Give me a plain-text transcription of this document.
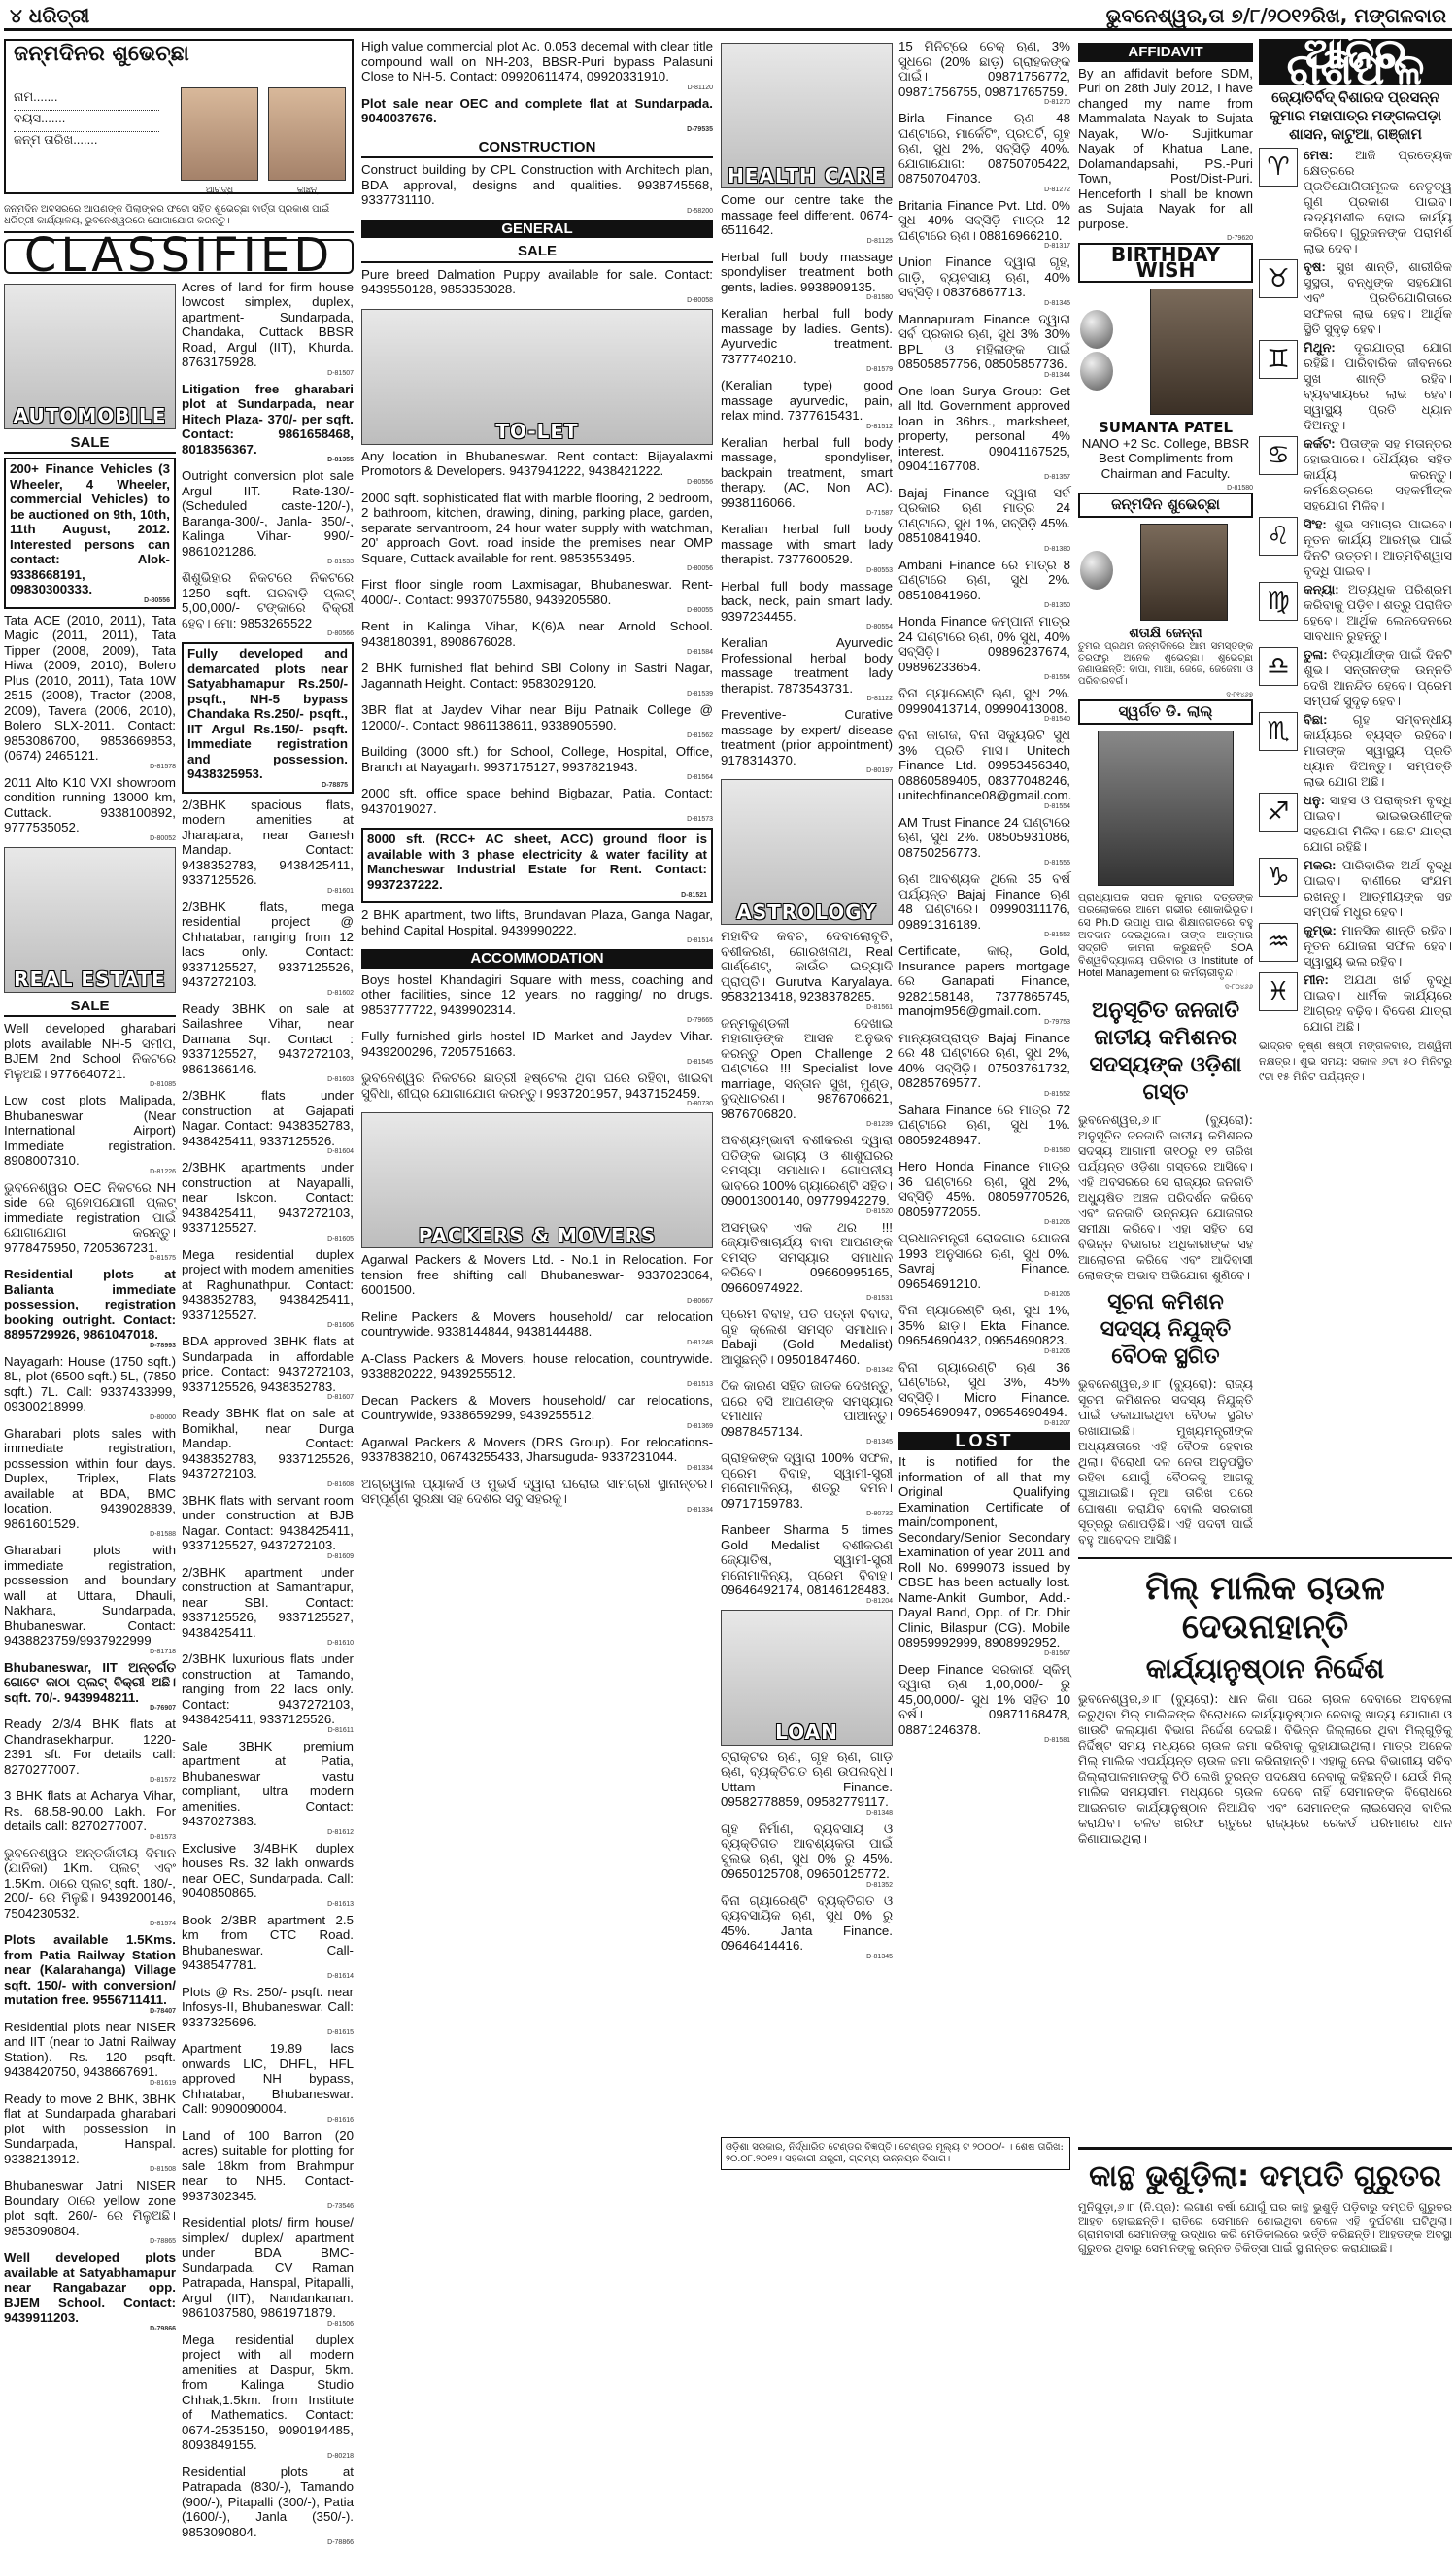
୪ ଧରିତ୍ରୀ	ଭୁବନେଶ୍ୱର,ତା ୭/୮/୨୦୧୨ରିଖ, ମଙ୍ଗଳବାର
ଜନ୍ମଦିନର ଶୁଭେଚ୍ଛା
ନାମ.......
ବୟସ.......
ଜନ୍ମ ତାରିଖ.......
ଆରାଦ୍ଧ	କାଞ୍ଚନ୍
ଜନ୍ମଦିନ ଅବସରରେ ଆପଣଙ୍କ ପିଲାଙ୍କର ଫଟୋ ସହିତ ଶୁଭେଚ୍ଛା ବାର୍ତ୍ତା ପ୍ରକାଶ ପାଇଁ ଧରିତ୍ରୀ କାର୍ଯ୍ୟାଳୟ, ଭୁବନେଶ୍ୱରରେ ଯୋଗାଯୋଗ କରନ୍ତୁ।
CLASSIFIED
AUTOMOBILE
SALE

200+ Finance Vehicles (3 Wheeler, 4 Wheeler, commercial Vehicles) to be auctioned on 9th, 10th, 11th August, 2012. Interested persons can contact: Alok-9338668191, 09830300333.
D-80556

Tata ACE (2010, 2011), Tata Magic (2011, 2011), Tata Tipper (2008, 2009), Tata Hiwa (2009, 2010), Bolero Plus (2010, 2011), Tata 10W 2515 (2008), Tractor (2008, 2009), Tavera (2006, 2010), Bolero SLX-2011. Contact: 9853086700, 9853669853, (0674) 2465121.
D-81578

2011 Alto K10 VXI showroom condition running 13000 km, Cuttack. 9338100892, 9777535052.
D-80052

REAL ESTATE
SALE

Well developed gharabari plots available NH-5 ସମୀପ, BJEM 2nd School ନିକଟରେ ମିଳୁଅଛି। 9776640721.
D-81085

Low cost plots Malipada, Bhubaneswar (Near International Airport) Immediate registration. 8908007310.
D-81226

ଭୁବନେଶ୍ୱର OEC ନିକଟରେ NH side ରେ ଗୃହୋପଯୋଗୀ ପ୍ଲଟ୍ immediate registration ପାଇଁ ଯୋଗାଯୋଗ କରନ୍ତୁ। 9778475950, 7205367231.
D-81575

Residential plots at Balianta immediate possession, registration booking outright. Contact: 8895729926, 9861047018.
D-78993

Nayagarh: House (1750 sqft.) 8L, plot (6500 sqft.) 5L, (7850 sqft.) 7L. Call: 9337433999, 09300218999.
D-80000

Gharabari plots sales with immediate registration, possession within four days. Duplex, Triplex, Flats available at BDA, BMC location. 9439028839, 9861601529.
D-81588

Gharabari plots with immediate registration, possession and boundary wall at Uttara, Dhauli, Nakhara, Sundarpada, Bhubaneswar. Contact: 9438823759/9937922999
D-81718

Bhubaneswar, IIT ଅନ୍ତର୍ଗତ ଗୋଟେ କାଠା ପ୍ଲଟ୍ ବିକ୍ରୀ ଅଛି। sqft. 70/-. 9439948211.
D-76907

Ready 2/3/4 BHK flats at Chandrasekharpur. 1220-2391 sft. For details call: 8270277007.
D-81572

3 BHK flats at Acharya Vihar, Rs. 68.58-90.00 Lakh. For details call: 8270277007.
D-81573

ଭୁବନେଶ୍ୱର ଅନ୍ତର୍ଜାତୀୟ ବିମାନ (ଯାନିକା) 1Km. ପ୍ଲଟ୍ ଏବଂ 1.5Km. ଠାରେ ପ୍ଲଟ୍ sqft. 180/-, 200/- ରେ ମିଳୁଛି। 9439200146, 7504230532.
D-81574

Plots available 1.5Kms. from Patia Railway Station near (Kalarahanga) Village sqft. 150/- with conversion/ mutation free. 9556711411.
D-78407

Residential plots near NISER and IIT (near to Jatni Railway Station). Rs. 120 psqft. 9438420750, 9438667691.
D-81619

Ready to move 2 BHK, 3BHK flat at Sundarpada gharabari plot with possession in Sundarpada, Hanspal. 9338213912.
D-81508

Bhubaneswar Jatni NISER Boundary ଠାରେ yellow zone plot sqft. 260/- ରେ ମିଳୁଅଛି। 9853090804.
D-78865

Well developed plots available at Satyabhamapur near Rangabazar opp. BJEM School. Contact: 9439911203.
D-79866

Acres of land for firm house lowcost simplex, duplex, apartment- Sundarpada, Chandaka, Cuttack BBSR Road, Argul (IIT), Khurda. 8763175928.
D-81507

Litigation free gharabari plot at Sundarpada, near Hitech Plaza- 370/- per sqft. Contact: 9861658468, 8018356367.
D-81355

Outright conversion plot sale Argul IIT. Rate-130/- (Scheduled caste-120/-), Baranga-300/-, Janla- 350/-, Kalinga Vihar- 990/- 9861021286.
D-81533

ଶିଶୁଭିହାର ନିକଟରେ ନିକଟରେ 1250 sqft. ଘରବାଡ଼ି ପ୍ଲଟ୍ 5,00,000/- ଟଙ୍କାରେ ବିକ୍ରୀ ହେବ। ମୋ: 9853265522
D-80566

Fully developed and demarcated plots near Satyabhamapur Rs.250/- psqft., NH-5 bypass Chandaka Rs.250/- psqft., IIT Argul Rs.150/- psqft. Immediate registration and possession. 9438325953.
D-78875

2/3BHK spacious flats, modern amenities at Jharapara, near Ganesh Mandap. Contact: 9438352783, 9438425411, 9337125526.
D-81601

2/3BHK flats, mega residential project @ Chhatabar, ranging from 12 lacs only. Contact: 9337125527, 9337125526, 9437272103.
D-81602

Ready 3BHK on sale at Sailashree Vihar, near Damana Sqr. Contact : 9337125527, 9437272103, 9861366146.
D-81603

2/3BHK flats under construction at Gajapati Nagar. Contact: 9438352783, 9438425411, 9337125526.
D-81604

2/3BHK apartments under construction at Nayapalli, near Iskcon. Contact: 9438425411, 9437272103, 9337125527.
D-81605

Mega residential duplex project with modern amenities at Raghunathpur. Contact: 9438352783, 9438425411, 9337125527.
D-81606

BDA approved 3BHK flats at Sundarpada in affordable price. Contact: 9437272103, 9337125526, 9438352783.
D-81607

Ready 3BHK flat on sale at Bomikhal, near Durga Mandap. Contact: 9438352783, 9337125526, 9437272103.
D-81608

3BHK flats with servant room under construction at BJB Nagar. Contact: 9438425411, 9337125527, 9437272103.
D-81609

2/3BHK apartment under construction at Samantrapur, near SBI. Contact: 9337125526, 9337125527, 9438425411.
D-81610

2/3BHK luxurious flats under construction at Tamando, ranging from 22 lacs only. Contact: 9437272103, 9438425411, 9337125526.
D-81611

Sale 3BHK premium apartment at Patia, Bhubaneswar vastu compliant, ultra modern amenities. Contact: 9437027383.
D-81612

Exclusive 3/4BHK duplex houses Rs. 32 lakh onwards near OEC, Sundarpada. Call: 9040850865.
D-81613

Book 2/3BR apartment 2.5 km from CTC Road. Bhubaneswar. Call-9438547781.
D-81614

Plots @ Rs. 250/- psqft. near Infosys-II, Bhubaneswar. Call: 9337325696.
D-81615

Apartment 19.89 lacs onwards LIC, DHFL, HFL approved NH bypass, Chhatabar, Bhubaneswar. Call: 9090090004.
D-81616

Land of 100 Barron (20 acres) suitable for plotting for sale 18km from Brahmpur near to NH5. Contact-9937302345.
D-73546

Residential plots/ firm house/ simplex/ duplex/ apartment under BDA BMC- Sundarpada, CV Raman Patrapada, Hanspal, Pitapalli, Argul (IIT), Nandankanan. 9861037580, 9861971879.
D-81506

Mega residential duplex project with all modern amenities at Daspur, 5km. from Kalinga Studio Chhak,1.5km. from Institute of Mathematics. Contact: 0674-2535150, 9090194485, 8093849155.
D-80218

Residential plots at Patrapada (830/-), Tamando (900/-), Pitapalli (300/-), Patia (1600/-), Janla (350/-). 9853090804.
D-78866

High value commercial plot Ac. 0.053 decemal with clear title compound wall on NH-203, BBSR-Puri bypass Palasuni Close to NH-5. Contact: 09920611474, 09920331910.
D-81120

Plot sale near OEC and complete flat at Sundarpada. 9040037676.
D-79535

CONSTRUCTION

Construct building by CPL Construction with Architech plan, BDA approval, designs and qualities. 9938745568, 9337731110.
D-58200

GENERAL
SALE

Pure breed Dalmation Puppy available for sale. Contact: 9439550128, 9853353028.
D-80058

TO-LET

Any location in Bhubaneswar. Rent contact: Bijayalaxmi Promotors & Developers. 9437941222, 9438421222.
D-80556

2000 sqft. sophisticated flat with marble flooring, 2 bedroom, 2 bathroom, kitchen, drawing, dining, parking place, garden, separate servantroom, 24 hour water supply with watchman, 20' approach Govt. road inside the premises near OMP Square, Cuttack available for rent. 9853553495.
D-80056

First floor single room Laxmisagar, Bhubaneswar. Rent- 4000/-. Contact: 9937075580, 9439205580.
D-80055

Rent in Kalinga Vihar, K(6)A near Arnold School. 9438180391, 8908676028.
D-81584

2 BHK furnished flat behind SBI Colony in Sastri Nagar, Jagannath Height. Contact: 9583029120.
D-81539

3BR flat at Jaydev Vihar near Biju Patnaik College @ 12000/-. Contact: 9861138611, 9338905590.
D-81562

Building (3000 sft.) for School, College, Hospital, Office, Branch at Nayagarh. 9937175127, 9937821943.
D-81564

2000 sft. office space behind Bigbazar, Patia. Contact: 9437019027.
D-81573

8000 sft. (RCC+ AC sheet, ACC) ground floor is available with 3 phase electricity & water facility at Mancheswar Industrial Estate for Rent. Contact: 9937237222.
D-81521

2 BHK apartment, two lifts, Brundavan Plaza, Ganga Nagar, behind Capital Hospital. 9439990222.
D-81514

ACCOMMODATION

Boys hostel Khandagiri Square with mess, coaching and other facilities, since 12 years, no ragging/ no drugs. 9853777722, 9439902314.
D-79665

Fully furnished girls hostel ID Market and Jaydev Vihar. 9439200296, 7205751663.
D-81545

ଭୁବନେଶ୍ୱର ନିକଟରେ ଛାତ୍ରୀ ହଷ୍ଟେଲ ଥିବା ଘରେ ରହିବା, ଖାଇବା ସୁବିଧା, ଶୀଘ୍ର ଯୋଗାଯୋଗ କରନ୍ତୁ। 9937201957, 9437152459.
D-80730

PACKERS & MOVERS

Agarwal Packers & Movers Ltd. - No.1 in Relocation. For tension free shifting call Bhubaneswar- 9337023064, 6001500.
D-80667

Reline Packers & Movers household/ car relocation countrywide. 9338144844, 9438144488.
D-81248

A-Class Packers & Movers, house relocation, countrywide. 9338820222, 9439255512.
D-81513

Decan Packers & Movers household/ car relocations, Countrywide, 9338659299, 9439255512.
D-81369

Agarwal Packers & Movers (DRS Group). For relocations-9337838210, 06743255433, Jharsuguda- 9337231044.
D-81334

ଅଗ୍ରୱାଲ ପ୍ୟାକର୍ସ ଓ ମୁଭର୍ସ ଦ୍ୱାରା ଘରୋଇ ସାମଗ୍ରୀ ସ୍ଥାନାନ୍ତର। ସମ୍ପୂର୍ଣ୍ଣ ସୁରକ୍ଷା ସହ ଦେଶର ସବୁ ସହରକୁ।
D-81334

HEALTH CARE

Come our centre take the massage feel different. 0674-6511642.
D-81125

Herbal full body massage spondyliser treatment both gents, ladies. 9938909135.
D-81580

Keralian herbal full body massage by ladies. Gents). Ayurvedic treatment. 7377740210.
D-81579

(Keralian type) good massage ayurvedic, pain, relax mind. 7377615431.
D-81512

Keralian herbal full body massage, spondyliser, backpain treatment, smart therapy. (AC, Non AC). 9938116066.
D-71587

Keralian herbal full body massage with smart lady therapist. 7377600529.
D-80553

Herbal full body massage back, neck, pain smart lady. 9397234455.
D-80554

Keralian Ayurvedic Professional herbal body massage treatment lady therapist. 7873543731.
D-81122

Preventive- Curative massage by expert/ disease treatment (prior appointment) 9178314370.
D-80197

ASTROLOGY

ମହାବିଦ କବଚ, ଦେବାଲୋବୃତି, ବଶୀକରଣ, ଗୋରଖନାଥ, Real ଗାର୍ଣ୍ଣେଟ୍, କାଉଁଚ ଇତ୍ୟାଦି ପ୍ରାପ୍ତି। Gurutva Karyalaya. 9583213418, 9238378285.
D-81561

ଜନ୍ମକୁଣ୍ଡଳୀ ଦେଖାଇ ମହାଗାଡ଼ଙ୍କ ଆସନ ଅନୁଭବ କରନ୍ତୁ Open Challenge 2 ଘଣ୍ଟାରେ !!! Specialist love marriage, ସନ୍ତାନ ସୁଖ, ମୁଣ୍ଡ, ବୁଦ୍ଧାଚରଣ। 9876706621, 9876706820.
D-81239

ଅବଶ୍ୟମ୍ଭାବୀ ବଶୀକରଣ ଦ୍ୱାରା ପତିଙ୍କ ଭାଗ୍ୟ ଓ ଶାଶୁଘରର ସମସ୍ୟା ସମାଧାନ। ଗୋପନୀୟ ଭାବରେ 100% ଗ୍ୟାରେଣ୍ଟି ସହିତ। 09001300140, 09779942279.
D-81520

ଅସମ୍ଭବ ଏକ ଥର !!! ଜ୍ୟୋତିଷାଚାର୍ଯ୍ୟ ବାବା ଆପଣଙ୍କ ସମସ୍ତ ସମସ୍ୟାର ସମାଧାନ କରିବେ। 09660995165, 09660974922.
D-81531

ପ୍ରେମ ବିବାହ, ପତି ପତ୍ନୀ ବିବାଦ, ଗୃହ କ୍ଲେଶ ସମସ୍ତ ସମାଧାନ। Babaji (Gold Medalist) ଆସୁଛନ୍ତି। 09501847460.
D-81342

ଠିକ କାରଣ ସହିତ ଜାତକ ଦେଖନ୍ତୁ, ଘରେ ବସି ଆପଣଙ୍କ ସମସ୍ୟାର ସମାଧାନ ପାଆନ୍ତୁ। 09878457134.
D-81345

ଗ୍ରାହକଙ୍କ ଦ୍ୱାରା 100% ସଫଳ, ପ୍ରେମ ବିବାହ, ସ୍ୱାମୀ-ସ୍ତ୍ରୀ ମନୋମାଳିନ୍ୟ, ଶତ୍ରୁ ଦମନ। 09717159783.
D-80732

Ranbeer Sharma 5 times Gold Medalist ବଶୀକରଣ ଜ୍ୟୋତିଷ, ସ୍ୱାମୀ-ସ୍ତ୍ରୀ ମନୋମାଳିନ୍ୟ, ପ୍ରେମ ବିବାହ। 09646492174, 08146128483.
D-81204

LOAN

ଟ୍ରାକ୍ଟର ଋଣ, ଗୃହ ଋଣ, ଗାଡ଼ି ଋଣ, ବ୍ୟକ୍ତିଗତ ଋଣ ଉପଲବ୍ଧ। Uttam Finance. 09582778859, 09582779117.
D-81348

ଗୃହ ନିର୍ମାଣ, ବ୍ୟବସାୟ ଓ ବ୍ୟକ୍ତିଗତ ଆବଶ୍ୟକତା ପାଇଁ ସୁଲଭ ଋଣ, ସୁଧ 0% ରୁ 45%. 09650125708, 09650125772.
D-81352

ବିନା ଗ୍ୟାରେଣ୍ଟି ବ୍ୟକ୍ତିଗତ ଓ ବ୍ୟବସାୟିକ ଋଣ, ସୁଧ 0% ରୁ 45%. Janta Finance. 09646414416.
D-81345

15 ମିନିଟ୍‌ରେ ଚେକ୍ ଋଣ, 3% ସୁଧରେ (20% ଛାଡ଼) ଗ୍ରାହକଙ୍କ ପାଇଁ। 09871756772, 09871756755, 09871765759.
D-81270

Birla Finance ଋଣ 48 ଘଣ୍ଟାରେ, ମାର୍କେଟିଂ, ପ୍ରପର୍ଟି, ଗୃହ ଋଣ, ସୁଧ 2%, ସବ୍‌ସିଡ଼ି 40%. ଯୋଗାଯୋଗ: 08750705422, 08750704703.
D-81272

Britania Finance Pvt. Ltd. 0% ସୁଧ 40% ସବ୍‌ସିଡ଼ି ମାତ୍ର 12 ଘଣ୍ଟାରେ ଋଣ। 08816966210.
D-81317

Union Finance ଦ୍ୱାରା ଗୃହ, ଗାଡ଼ି, ବ୍ୟବସାୟ ଋଣ, 40% ସବ୍‌ସିଡ଼ି। 08376867713.
D-81345

Mannapuram Finance ଦ୍ୱାରା ସର୍ବ ପ୍ରକାର ଋଣ, ସୁଧ 3% 30% BPL ଓ ମହିଳାଙ୍କ ପାଇଁ 08505857756, 08505857736.
D-81344

One loan Surya Group: Get all ltd. Government approved loan in 36hrs., marksheet, property, personal 4% interest. 09041167525, 09041167708.
D-81357

Bajaj Finance ଦ୍ୱାରା ସର୍ବ ପ୍ରକାର ଋଣ ମାତ୍ର 24 ଘଣ୍ଟାରେ, ସୁଧ 1%, ସବ୍‌ସିଡ଼ି 45%. 08510841940.
D-81380

Ambani Finance ରେ ମାତ୍ର 8 ଘଣ୍ଟାରେ ଋଣ, ସୁଧ 2%. 08510841960.
D-81350

Honda Finance କମ୍ପାନୀ ମାତ୍ର 24 ଘଣ୍ଟାରେ ଋଣ, 0% ସୁଧ, 40% ସବ୍‌ସିଡ଼ି। 09896237674, 09896233654.
D-81554

ବିନା ଗ୍ୟାରେଣ୍ଟି ଋଣ, ସୁଧ 2%. 09990413714, 09990413008.
D-81540

ବିନା କାଗଜ, ବିନା ସିକ୍ୟୁରିଟି ସୁଧ 3% ପ୍ରତି ମାସ। Unitech Finance Ltd. 09953456340, 08860589405, 08377048246, unitechfinance08@gmail.com.
D-81554

AM Trust Finance 24 ଘଣ୍ଟାରେ ଋଣ, ସୁଧ 2%. 08505931086, 08750256773.
D-81555

ଋଣ ଆବଶ୍ୟକ ଥିଲେ 35 ବର୍ଷ ପର୍ଯ୍ୟନ୍ତ Bajaj Finance ଋଣ 48 ଘଣ୍ଟାରେ। 09990311176, 09891316189.
D-81552

Certificate, କାର୍, Gold, Insurance papers mortgage ରେ Ganapati Finance, 9282158148, 7377865745, manojm956@gmail.com.
D-79753

ମାନ୍ୟତାପ୍ରାପ୍ତ Bajaj Finance ରେ 48 ଘଣ୍ଟାରେ ଋଣ, ସୁଧ 2%, 40% ସବ୍‌ସିଡ଼ି। 07503761732, 08285769577.
D-81552

Sahara Finance ରେ ମାତ୍ର 72 ଘଣ୍ଟାରେ ଋଣ, ସୁଧ 1%. 08059248947.
D-81580

Hero Honda Finance ମାତ୍ର 36 ଘଣ୍ଟାରେ ଋଣ, ସୁଧ 2%, ସବ୍‌ସିଡ଼ି 45%. 08059770526, 08059772055.
D-81205

ପ୍ରଧାନମନ୍ତ୍ରୀ ରୋଜଗାର ଯୋଜନା 1993 ଅନୁସାରେ ଋଣ, ସୁଧ 0%. Savraj Finance. 09654691210.
D-81205

ବିନା ଗ୍ୟାରେଣ୍ଟି ଋଣ, ସୁଧ 1%, 35% ଛାଡ଼। Ekta Finance. 09654690432, 09654690823.
D-81206

ବିନା ଗ୍ୟାରେଣ୍ଟି ଋଣ 36 ଘଣ୍ଟାରେ, ସୁଧ 3%, 45% ସବ୍‌ସିଡ଼ି। Micro Finance. 09654690947, 09654690494.
D-81207

LOST

It is notified for the information of all that my Original Qualifying Examination Certificate of main/component, Secondary/Senior Secondary Examination of year 2011 and Roll No. 6999073 issued by CBSE has been actually lost. Name-Ankit Gumbor, Add.-Dayal Band, Opp. of Dr. Dhir Clinic, Bilaspur (CG). Mobile 08959992999, 8908992952.
D-81567

Deep Finance ସରକାରୀ ସ୍କିମ୍ ଦ୍ୱାରା ଋଣ 1,00,000/- ରୁ 45,00,000/- ସୁଧ 1% ସହିତ 10 ବର୍ଷ। 09871168478, 08871246378.
D-81581

AFFIDAVIT

By an affidavit before SDM, Puri on 28th July 2012, I have changed my name from Mammalata Nayak to Sujata Nayak, W/o- Sujitkumar Nayak of Khatua Lane, Dolamandapsahi, PS.-Puri Town, Post/Dist-Puri. Henceforth I shall be known as Sujata Nayak for all purpose.

D-79620
BIRTHDAY WISH
SUMANTA PATEL

NANO +2 Sc. College, BBSR Best Compliments from Chairman and Faculty.

D-81580
ଜନ୍ମଦିନ ଶୁଭେଚ୍ଛା
ଶତାକ୍ଷି ଜେନ୍ନା

ତୁମର ପ୍ରଥମ ଜନ୍ମଦିନରେ ଆମ ସମସ୍ତଙ୍କ ତରଫରୁ ଅନେକ ଶୁଭେଚ୍ଛା। ଶୁଭେଚ୍ଛା ଜଣାଉଛନ୍ତି: ବାପା, ମାଆ, ଜେଜେ, ଜେଜେମା ଓ ପରିବାରବର୍ଗ।

ଦ-୮୧୪୬୭
ସ୍ୱର୍ଗତ ଡି. ଲାଲ୍

ପ୍ରାଧ୍ୟାପକ ସପନ କୁମାର ଦତ୍ତଙ୍କ ପରଲୋକରେ ଆମେ ଗଭୀର ଶୋକାଭିଭୂତ। ସେ Ph.D ଉପାଧି ପାଇ ଶିକ୍ଷାଜଗତରେ ବହୁ ଅବଦାନ ଦେଇଥିଲେ। ତାଙ୍କ ଆତ୍ମାର ସଦ୍‌ଗତି କାମନା କରୁଛନ୍ତି SOA ବିଶ୍ୱବିଦ୍ୟାଳୟ ପରିବାର ଓ Institute of Hotel Management ର କର୍ମଚାରୀବୃନ୍ଦ।

ଦ-୮୦୪୬୬
ଅନୁସୂଚିତ ଜନଜାତି ଜାତୀୟ କମିଶନର ସଦସ୍ୟଙ୍କ ଓଡ଼ିଶା ଗସ୍ତ

ଭୁବନେଶ୍ୱର,୬।୮ (ବ୍ୟୁରୋ): ଅନୁସୂଚିତ ଜନଜାତି ଜାତୀୟ କମିଶନର ସଦସ୍ୟ ଆଗାମୀ ତା୧୦ରୁ ୧୨ ତାରିଖ ପର୍ଯ୍ୟନ୍ତ ଓଡ଼ିଶା ଗସ୍ତରେ ଆସିବେ। ଏହି ଅବସରରେ ସେ ରାଜ୍ୟର ଜନଜାତି ଅଧ୍ୟୁଷିତ ଅଞ୍ଚଳ ପରିଦର୍ଶନ କରିବେ ଏବଂ ଜନଜାତି ଉନ୍ନୟନ ଯୋଜନାର ସମୀକ୍ଷା କରିବେ। ଏହା ସହିତ ସେ ବିଭିନ୍ନ ବିଭାଗର ଅଧିକାରୀଙ୍କ ସହ ଆଲୋଚନା କରିବେ ଏବଂ ଆଦିବାସୀ ଲୋକଙ୍କ ଅଭାବ ଅଭିଯୋଗ ଶୁଣିବେ।

ସୂଚନା କମିଶନ ସଦସ୍ୟ ନିଯୁକ୍ତି ବୈଠକ ସ୍ଥଗିତ

ଭୁବନେଶ୍ୱର,୬।୮ (ବ୍ୟୁରୋ): ରାଜ୍ୟ ସୂଚନା କମିଶନର ସଦସ୍ୟ ନିଯୁକ୍ତି ପାଇଁ ଡକାଯାଇଥିବା ବୈଠକ ସ୍ଥଗିତ ରଖାଯାଇଛି। ମୁଖ୍ୟମନ୍ତ୍ରୀଙ୍କ ଅଧ୍ୟକ୍ଷତାରେ ଏହି ବୈଠକ ହେବାର ଥିଲା। ବିରୋଧୀ ଦଳ ନେତା ଅନୁପସ୍ଥିତ ରହିବା ଯୋଗୁଁ ବୈଠକକୁ ଆଗକୁ ଘୁଞ୍ଚାଯାଇଛି। ନୂଆ ତାରିଖ ପରେ ଘୋଷଣା କରାଯିବ ବୋଲି ସରକାରୀ ସୂତ୍ରରୁ ଜଣାପଡ଼ିଛି। ଏହି ପଦବୀ ପାଇଁ ବହୁ ଆବେଦନ ଆସିଛି।

ଆଜିର ରାଶିଫଳ
ଜ୍ୟୋତିର୍ବିଦ୍ ବିଶାରଦ ପ୍ରସନ୍ନ କୁମାର ମହାପାତ୍ର ମଙ୍ଗଳପଡ଼ା ଶାସନ, କାଟୁଆ, ଗଞ୍ଜାମ
♈	ମେଷ: ଆଜି ପ୍ରତ୍ୟେକ କ୍ଷେତ୍ରରେ ପ୍ରତିଯୋଗିତାମୂଳକ ନେତୃତ୍ୱ ଗୁଣ ପ୍ରକାଶ ପାଇବ। ଉଦ୍ୟମଶୀଳ ହୋଇ କାର୍ଯ୍ୟ କରିବେ। ଗୁରୁଜନଙ୍କ ପରାମର୍ଶ ଲାଭ ଦେବ।
♉	ବୃଷ: ସୁଖ ଶାନ୍ତି, ଶାରୀରିକ ସୁସ୍ଥତା, ବନ୍ଧୁଙ୍କ ସହଯୋଗ ଏବଂ ପ୍ରତିଯୋଗିତାରେ ସଫଳତା ଲାଭ ହେବ। ଆର୍ଥିକ ସ୍ଥିତି ସୁଦୃଢ଼ ହେବ।
♊	ମିଥୁନ: ଦୂରଯାତ୍ରା ଯୋଗ ରହିଛି। ପାରିବାରିକ ଜୀବନରେ ସୁଖ ଶାନ୍ତି ରହିବ। ବ୍ୟବସାୟରେ ଲାଭ ହେବ। ସ୍ୱାସ୍ଥ୍ୟ ପ୍ରତି ଧ୍ୟାନ ଦିଅନ୍ତୁ।
♋	କର୍କଟ: ପିତାଙ୍କ ସହ ମତାନ୍ତର ହୋଇପାରେ। ଧୈର୍ଯ୍ୟର ସହିତ କାର୍ଯ୍ୟ କରନ୍ତୁ। କର୍ମକ୍ଷେତ୍ରରେ ସହକର୍ମୀଙ୍କ ସହଯୋଗ ମିଳିବ।
♌	ସିଂହ: ଶୁଭ ସମାଚାର ପାଇବେ। ନୂତନ କାର୍ଯ୍ୟ ଆରମ୍ଭ ପାଇଁ ଦିନଟି ଉତ୍ତମ। ଆତ୍ମବିଶ୍ୱାସ ବୃଦ୍ଧି ପାଇବ।
♍	କନ୍ୟା: ଅତ୍ୟଧିକ ପରିଶ୍ରମ କରିବାକୁ ପଡ଼ିବ। ଶତ୍ରୁ ପରାଜିତ ହେବେ। ଆର୍ଥିକ ଲେନଦେନରେ ସାବଧାନ ରୁହନ୍ତୁ।
♎	ତୁଳା: ବିଦ୍ୟାର୍ଥୀଙ୍କ ପାଇଁ ଦିନଟି ଶୁଭ। ସନ୍ତାନଙ୍କ ଉନ୍ନତି ଦେଖି ଆନନ୍ଦିତ ହେବେ। ପ୍ରେମ ସମ୍ପର୍କ ସୁଦୃଢ଼ ହେବ।
♏	ବିଛା: ଗୃହ ସମ୍ବନ୍ଧୀୟ କାର୍ଯ୍ୟରେ ବ୍ୟସ୍ତ ରହିବେ। ମାତାଙ୍କ ସ୍ୱାସ୍ଥ୍ୟ ପ୍ରତି ଧ୍ୟାନ ଦିଅନ୍ତୁ। ସମ୍ପତ୍ତି ଲାଭ ଯୋଗ ଅଛି।
♐	ଧନୁ: ସାହସ ଓ ପରାକ୍ରମ ବୃଦ୍ଧି ପାଇବ। ଭାଇଭଉଣୀଙ୍କ ସହଯୋଗ ମିଳିବ। ଛୋଟ ଯାତ୍ରା ଯୋଗ ରହିଛି।
♑	ମକର: ପାରିବାରିକ ଅର୍ଥ ବୃଦ୍ଧି ପାଇବ। ବାଣୀରେ ସଂଯମ ରଖନ୍ତୁ। ଆତ୍ମୀୟଙ୍କ ସହ ସମ୍ପର୍କ ମଧୁର ହେବ।
♒	କୁମ୍ଭ: ମାନସିକ ଶାନ୍ତି ରହିବ। ନୂତନ ଯୋଜନା ସଫଳ ହେବ। ସ୍ୱାସ୍ଥ୍ୟ ଭଲ ରହିବ।
♓	ମୀନ: ଅଯଥା ଖର୍ଚ୍ଚ ବୃଦ୍ଧି ପାଇବ। ଧାର୍ମିକ କାର୍ଯ୍ୟରେ ଆଗ୍ରହ ବଢ଼ିବ। ବିଦେଶ ଯାତ୍ରା ଯୋଗ ଅଛି।

ଭାଦ୍ରବ କୃଷ୍ଣ ଷଷ୍ଠୀ ମଙ୍ଗଳବାର, ଅଶ୍ୱିନୀ ନକ୍ଷତ୍ର। ଶୁଭ ସମୟ: ସକାଳ ୬ଟା ୫୦ ମିନିଟରୁ ୯ଟା ୧୫ ମିନିଟ ପର୍ଯ୍ୟନ୍ତ।

ମିଲ୍ ମାଲିକ ଚାଉଳ ଦେଉନାହାନ୍ତି
କାର୍ଯ୍ୟାନୁଷ୍ଠାନ ନିର୍ଦ୍ଦେଶ

ଭୁବନେଶ୍ୱର,୬।୮ (ବ୍ୟୁରୋ): ଧାନ କିଣା ପରେ ଚାଉଳ ଦେବାରେ ଅବହେଳା କରୁଥିବା ମିଲ୍ ମାଲିକଙ୍କ ବିରୋଧରେ କାର୍ଯ୍ୟାନୁଷ୍ଠାନ ନେବାକୁ ଖାଦ୍ୟ ଯୋଗାଣ ଓ ଖାଉଟି କଲ୍ୟାଣ ବିଭାଗ ନିର୍ଦ୍ଦେଶ ଦେଇଛି। ବିଭିନ୍ନ ଜିଲ୍ଲାରେ ଥିବା ମିଲ୍‌ଗୁଡ଼ିକୁ ନିର୍ଦ୍ଦିଷ୍ଟ ସମୟ ମଧ୍ୟରେ ଚାଉଳ ଜମା କରିବାକୁ କୁହାଯାଇଥିଲା। ମାତ୍ର ଅନେକ ମିଲ୍ ମାଲିକ ଏପର୍ଯ୍ୟନ୍ତ ଚାଉଳ ଜମା କରିନାହାନ୍ତି। ଏହାକୁ ନେଇ ବିଭାଗୀୟ ସଚିବ ଜିଲ୍ଲାପାଳମାନଙ୍କୁ ଚିଠି ଲେଖି ତୁରନ୍ତ ପଦକ୍ଷେପ ନେବାକୁ କହିଛନ୍ତି। ଯେଉଁ ମିଲ୍ ମାଲିକ ସମୟସୀମା ମଧ୍ୟରେ ଚାଉଳ ଦେବେ ନାହିଁ ସେମାନଙ୍କ ବିରୋଧରେ ଆଇନଗତ କାର୍ଯ୍ୟାନୁଷ୍ଠାନ ନିଆଯିବ ଏବଂ ସେମାନଙ୍କ ଲାଇସେନ୍ସ ବାତିଲ କରାଯିବ। ଚଳିତ ଖରିଫ ଋତୁରେ ରାଜ୍ୟରେ ରେକର୍ଡ ପରିମାଣର ଧାନ କିଣାଯାଇଥିଲା।

ଓଡ଼ିଶା ସରକାର, ନିର୍ଦ୍ଧାରିତ ଟେଣ୍ଡର ବିଜ୍ଞପ୍ତି। ଟେଣ୍ଡର ମୂଲ୍ୟ ଟ ୨୦୦୦/- । ଶେଷ ତାରିଖ: ୨୦.୦୮.୨୦୧୨। ସହକାରୀ ଯନ୍ତ୍ରୀ, ଗ୍ରାମ୍ୟ ଉନ୍ନୟନ ବିଭାଗ।
କାନ୍ଥ ଭୁଶୁଡ଼ିଲା: ଦମ୍ପତି ଗୁରୁତର

ମୁନିଗୁଡ଼ା,୬।୮ (ନି.ପ୍ର): ଲଗାଣ ବର୍ଷା ଯୋଗୁଁ ଘର କାନ୍ଥ ଭୁଶୁଡ଼ି ପଡ଼ିବାରୁ ଦମ୍ପତି ଗୁରୁତର ଆହତ ହୋଇଛନ୍ତି। ରାତିରେ ସେମାନେ ଶୋଇଥିବା ବେଳେ ଏହି ଦୁର୍ଘଟଣା ଘଟିଥିଲା। ଗ୍ରାମବାସୀ ସେମାନଙ୍କୁ ଉଦ୍ଧାର କରି ମେଡିକାଲରେ ଭର୍ତ୍ତି କରିଛନ୍ତି। ଆହତଙ୍କ ଅବସ୍ଥା ଗୁରୁତର ଥିବାରୁ ସେମାନଙ୍କୁ ଉନ୍ନତ ଚିକିତ୍ସା ପାଇଁ ସ୍ଥାନାନ୍ତର କରାଯାଇଛି।
